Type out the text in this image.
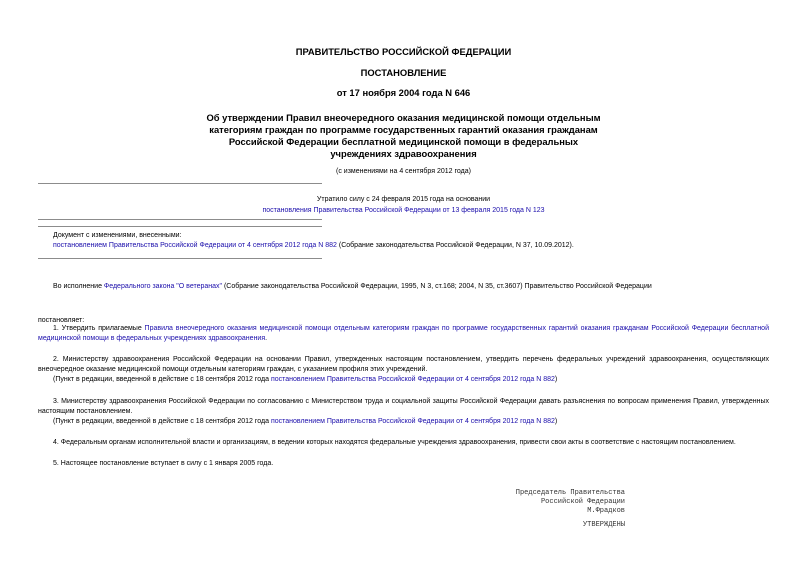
ПРАВИТЕЛЬСТВО РОССИЙСКОЙ ФЕДЕРАЦИИ
ПОСТАНОВЛЕНИЕ
от 17 ноября 2004 года N 646
Об утверждении Правил внеочередного оказания медицинской помощи отдельным категориям граждан по программе государственных гарантий оказания гражданам Российской Федерации бесплатной медицинской помощи в федеральных учреждениях здравоохранения
(с изменениями на 4 сентября 2012 года)
Утратило силу с 24 февраля 2015 года на основании
постановления Правительства Российской Федерации от 13 февраля 2015 года N 123
Документ с изменениями, внесенными:
постановлением Правительства Российской Федерации от 4 сентября 2012 года N 882 (Собрание законодательства Российской Федерации, N 37, 10.09.2012).
Во исполнение Федерального закона "О ветеранах" (Собрание законодательства Российской Федерации, 1995, N 3, ст.168; 2004, N 35, ст.3607) Правительство Российской Федерации
постановляет:
1. Утвердить прилагаемые Правила внеочередного оказания медицинской помощи отдельным категориям граждан по программе государственных гарантий оказания гражданам Российской Федерации бесплатной медицинской помощи в федеральных учреждениях здравоохранения.
2. Министерству здравоохранения Российской Федерации на основании Правил, утвержденных настоящим постановлением, утвердить перечень федеральных учреждений здравоохранения, осуществляющих внеочередное оказание медицинской помощи отдельным категориям граждан, с указанием профиля этих учреждений.
(Пункт в редакции, введенной в действие с 18 сентября 2012 года постановлением Правительства Российской Федерации от 4 сентября 2012 года N 882)
3. Министерству здравоохранения Российской Федерации по согласованию с Министерством труда и социальной защиты Российской Федерации давать разъяснения по вопросам применения Правил, утвержденных настоящим постановлением.
(Пункт в редакции, введенной в действие с 18 сентября 2012 года постановлением Правительства Российской Федерации от 4 сентября 2012 года N 882)
4. Федеральным органам исполнительной власти и организациям, в ведении которых находятся федеральные учреждения здравоохранения, привести свои акты в соответствие с настоящим постановлением.
5. Настоящее постановление вступает в силу с 1 января 2005 года.
Председатель Правительства
Российской Федерации
М.Фрадков
УТВЕРЖДЕНЫ
